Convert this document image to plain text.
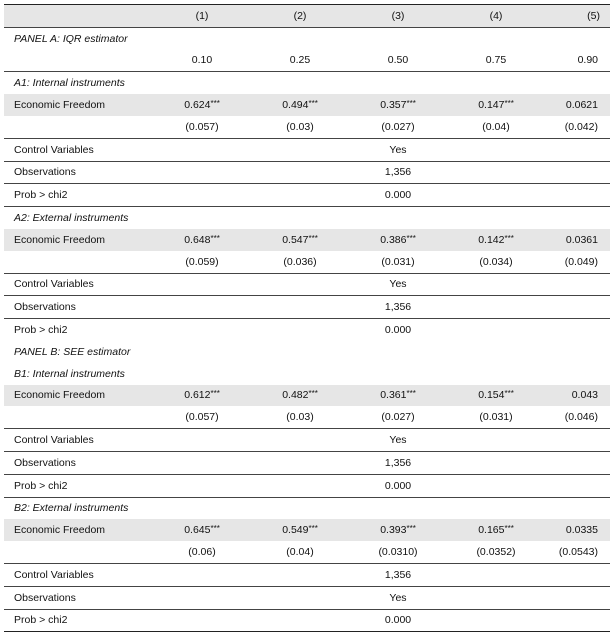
	(1)	(2)	(3)	(4)	(5)
PANEL A: IQR estimator					
	0.10	0.25	0.50	0.75	0.90
A1: Internal instruments					
Economic Freedom	0.624***	0.494***	0.357***	0.147***	0.0621
	(0.057)	(0.03)	(0.027)	(0.04)	(0.042)
Control Variables			Yes		
Observations			1,356		
Prob > chi2			0.000		
A2: External instruments					
Economic Freedom	0.648***	0.547***	0.386***	0.142***	0.0361
	(0.059)	(0.036)	(0.031)	(0.034)	(0.049)
Control Variables			Yes		
Observations			1,356		
Prob > chi2			0.000		
PANEL B: SEE estimator					
B1: Internal instruments					
Economic Freedom	0.612***	0.482***	0.361***	0.154***	0.043
	(0.057)	(0.03)	(0.027)	(0.031)	(0.046)
Control Variables			Yes		
Observations			1,356		
Prob > chi2			0.000		
B2: External instruments					
Economic Freedom	0.645***	0.549***	0.393***	0.165***	0.0335
	(0.06)	(0.04)	(0.0310)	(0.0352)	(0.0543)
Control Variables			1,356		
Observations			Yes		
Prob > chi2			0.000		
